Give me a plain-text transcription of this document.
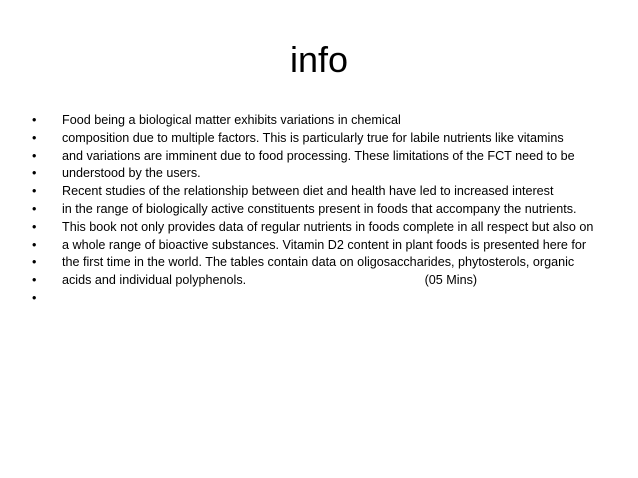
info
•	Food being a biological matter exhibits variations in chemical
•	composition due to multiple factors. This is particularly true for labile nutrients like vitamins
•	and variations are imminent due to food processing. These limitations of the FCT need to be
•	understood by the users.
•	Recent studies of the relationship between diet and health have led to increased interest
•	in the range of biologically active constituents present in foods that accompany the nutrients.
•	This book not only provides data of regular nutrients in foods complete in all respect but also on
•	a whole range of bioactive substances. Vitamin D2 content in plant foods is presented here for
•	the first time in the world. The tables contain data on oligosaccharides, phytosterols, organic
•	acids and individual polyphenols.                                                   (05 Mins)
•
